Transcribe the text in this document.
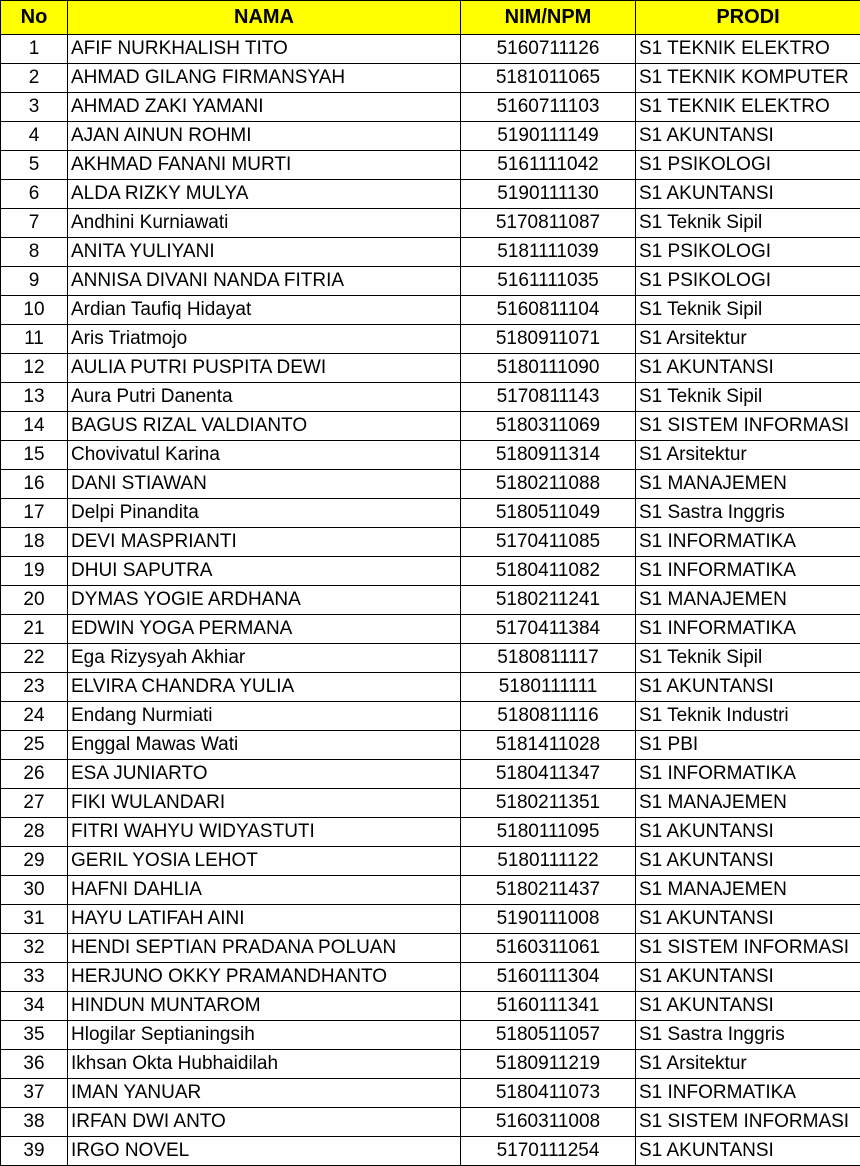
No	NAMA	NIM/NPM	PRODI
1	AFIF NURKHALISH TITO	5160711126	S1 TEKNIK ELEKTRO
2	AHMAD GILANG FIRMANSYAH	5181011065	S1 TEKNIK KOMPUTER
3	AHMAD ZAKI YAMANI	5160711103	S1 TEKNIK ELEKTRO
4	AJAN AINUN ROHMI	5190111149	S1 AKUNTANSI
5	AKHMAD FANANI MURTI	5161111042	S1 PSIKOLOGI
6	ALDA RIZKY MULYA	5190111130	S1 AKUNTANSI
7	Andhini Kurniawati	5170811087	S1 Teknik Sipil
8	ANITA YULIYANI	5181111039	S1 PSIKOLOGI
9	ANNISA DIVANI NANDA FITRIA	5161111035	S1 PSIKOLOGI
10	Ardian Taufiq Hidayat	5160811104	S1 Teknik Sipil
11	Aris Triatmojo	5180911071	S1 Arsitektur
12	AULIA PUTRI PUSPITA DEWI	5180111090	S1 AKUNTANSI
13	Aura Putri Danenta	5170811143	S1 Teknik Sipil
14	BAGUS RIZAL VALDIANTO	5180311069	S1 SISTEM INFORMASI
15	Chovivatul Karina	5180911314	S1 Arsitektur
16	DANI STIAWAN	5180211088	S1 MANAJEMEN
17	Delpi Pinandita	5180511049	S1 Sastra Inggris
18	DEVI MASPRIANTI	5170411085	S1 INFORMATIKA
19	DHUI SAPUTRA	5180411082	S1 INFORMATIKA
20	DYMAS YOGIE ARDHANA	5180211241	S1 MANAJEMEN
21	EDWIN YOGA PERMANA	5170411384	S1 INFORMATIKA
22	Ega Rizysyah Akhiar	5180811117	S1 Teknik Sipil
23	ELVIRA CHANDRA YULIA	5180111111	S1 AKUNTANSI
24	Endang Nurmiati	5180811116	S1 Teknik Industri
25	Enggal Mawas Wati	5181411028	S1 PBI
26	ESA JUNIARTO	5180411347	S1 INFORMATIKA
27	FIKI WULANDARI	5180211351	S1 MANAJEMEN
28	FITRI WAHYU WIDYASTUTI	5180111095	S1 AKUNTANSI
29	GERIL YOSIA LEHOT	5180111122	S1 AKUNTANSI
30	HAFNI DAHLIA	5180211437	S1 MANAJEMEN
31	HAYU LATIFAH AINI	5190111008	S1 AKUNTANSI
32	HENDI SEPTIAN PRADANA POLUAN	5160311061	S1 SISTEM INFORMASI
33	HERJUNO OKKY PRAMANDHANTO	5160111304	S1 AKUNTANSI
34	HINDUN MUNTAROM	5160111341	S1 AKUNTANSI
35	Hlogilar Septianingsih	5180511057	S1 Sastra Inggris
36	Ikhsan Okta Hubhaidilah	5180911219	S1 Arsitektur
37	IMAN YANUAR	5180411073	S1 INFORMATIKA
38	IRFAN DWI ANTO	5160311008	S1 SISTEM INFORMASI
39	IRGO NOVEL	5170111254	S1 AKUNTANSI
